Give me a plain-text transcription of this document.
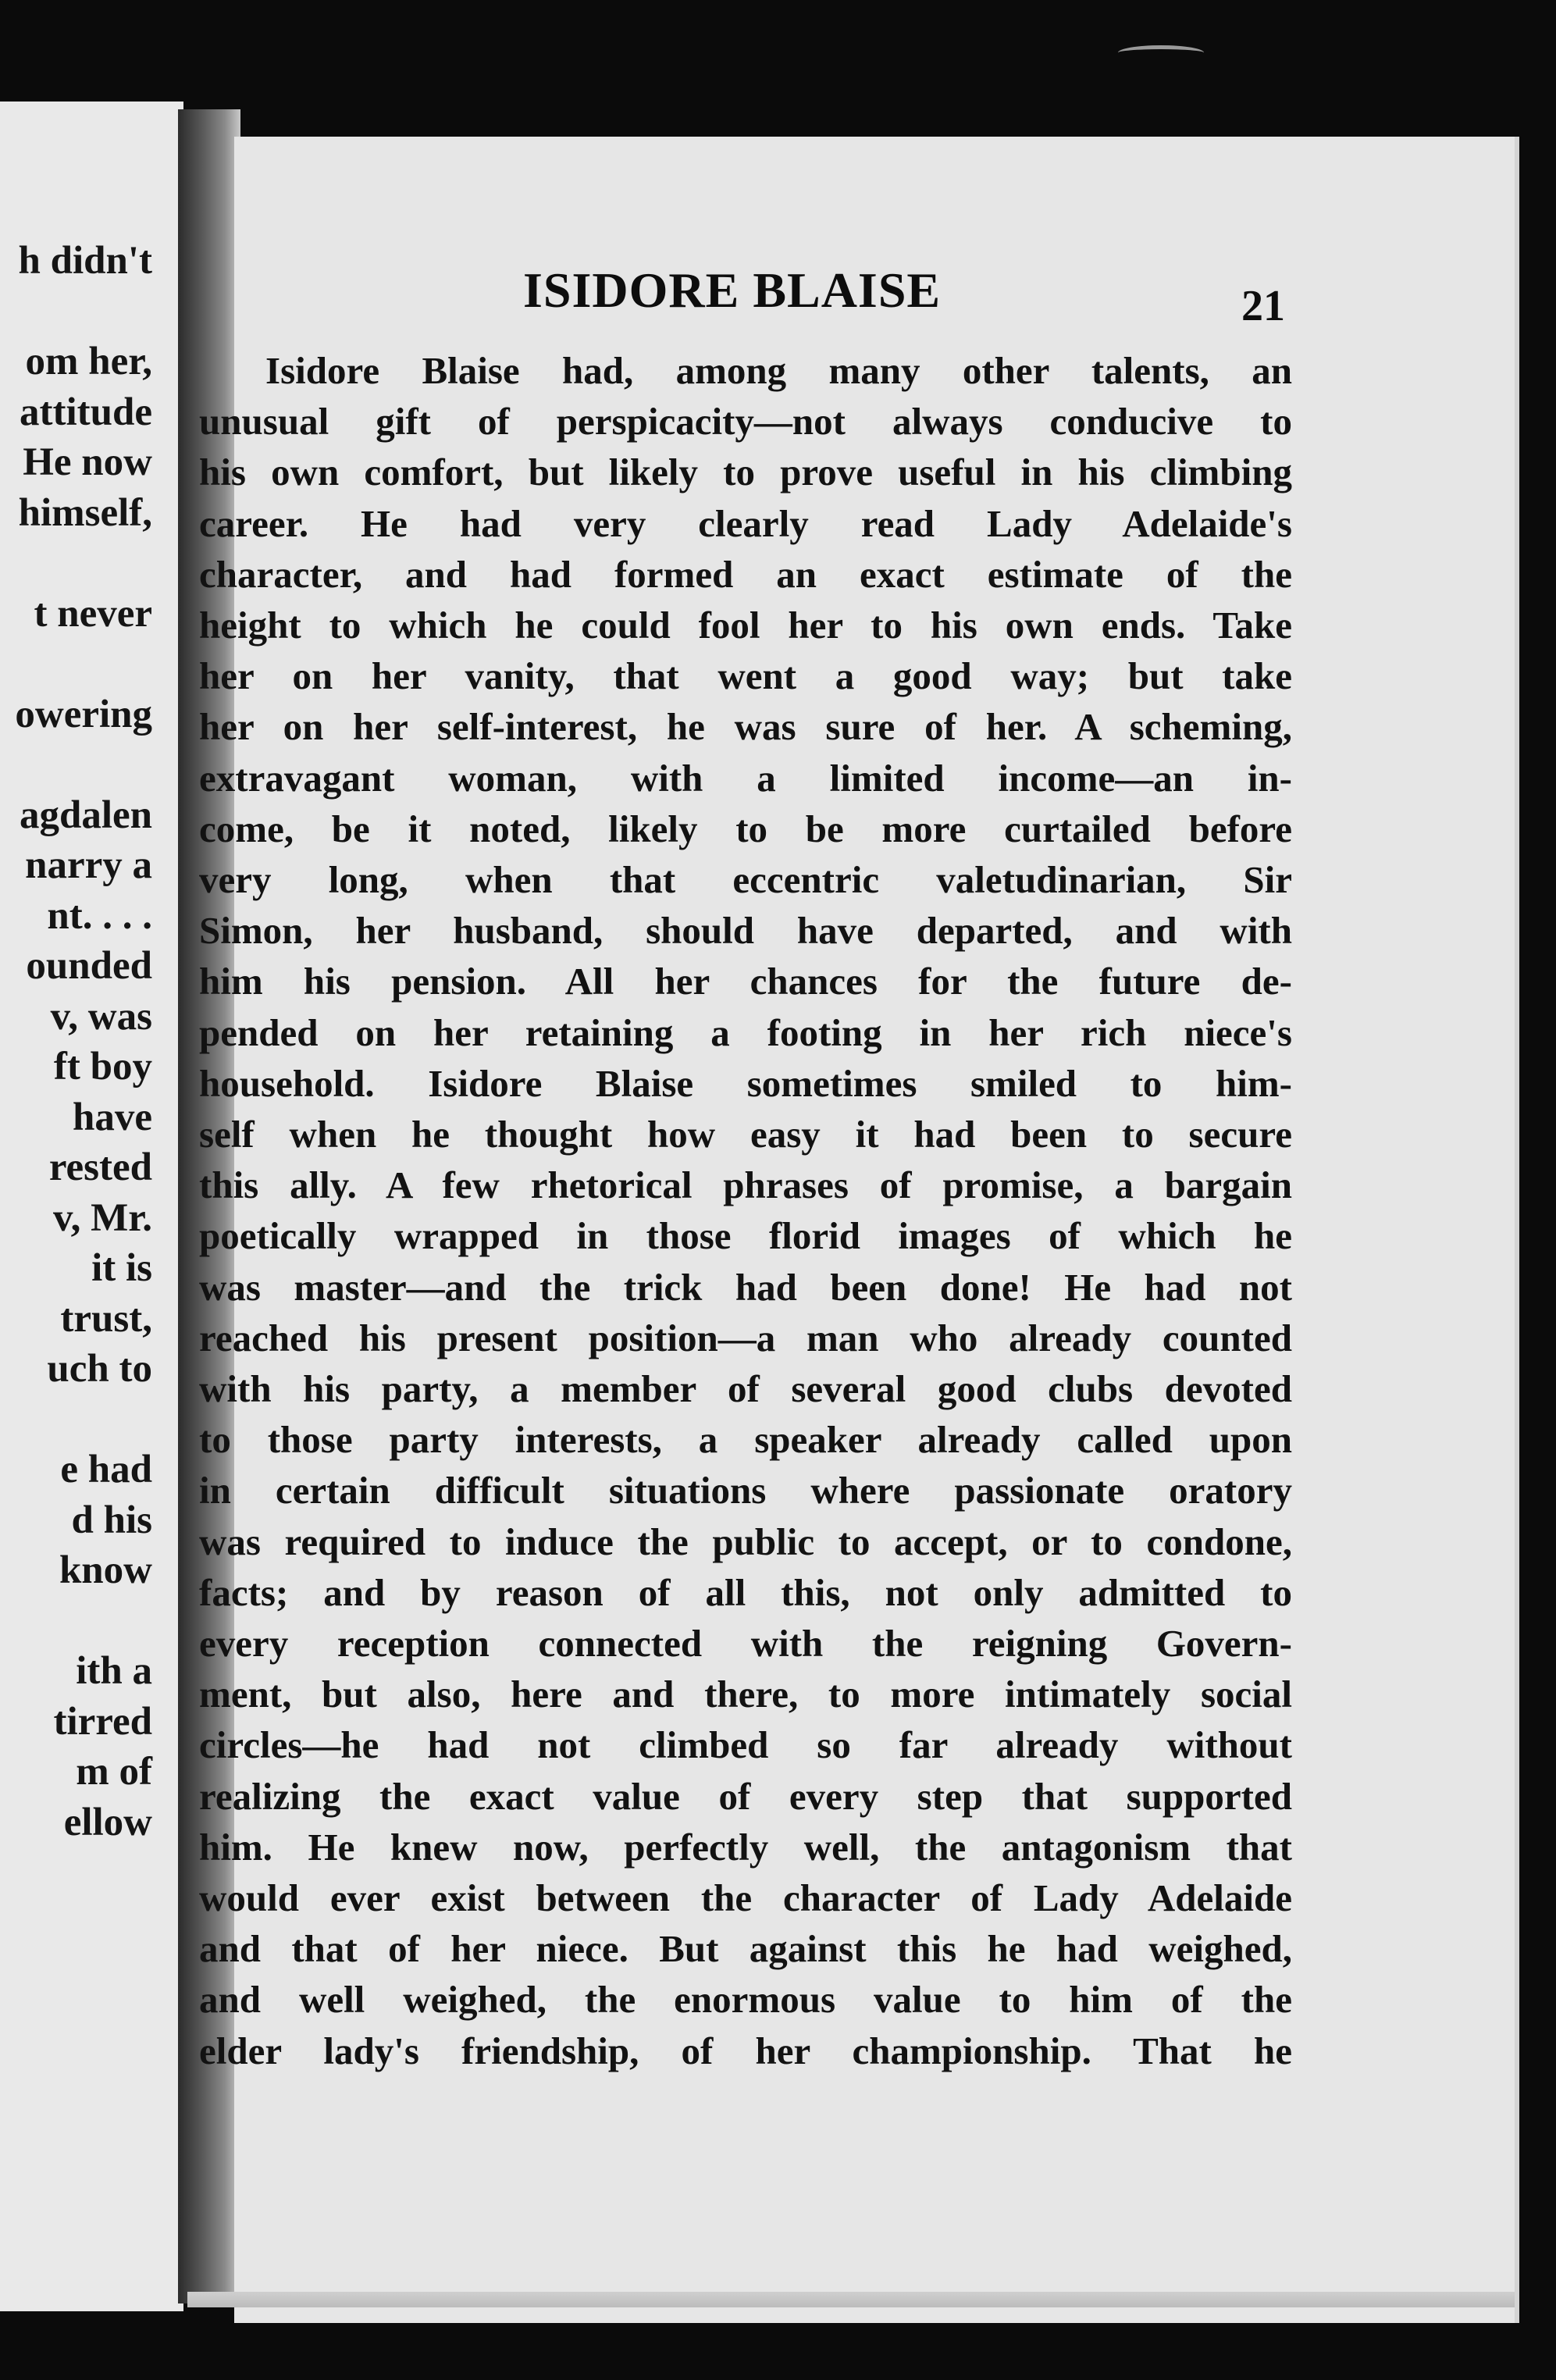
h didn't
om her,
attitude
He now
himself,
t never
owering
agdalen
narry a
nt. . . .
ounded
v, was
ft boy
have
rested
v, Mr.
it is
trust,
uch to
e had
d his
know
ith a
tirred
m of
ellow
ISIDORE BLAISE	21
Isidore Blaise had, among many other talents, an
unusual gift of perspicacity—not always conducive to
his own comfort, but likely to prove useful in his climbing
career. He had very clearly read Lady Adelaide's
character, and had formed an exact estimate of the
height to which he could fool her to his own ends. Take
her on her vanity, that went a good way; but take
her on her self-interest, he was sure of her. A scheming,
extravagant woman, with a limited income—an in-
come, be it noted, likely to be more curtailed before
very long, when that eccentric valetudinarian, Sir
Simon, her husband, should have departed, and with
him his pension. All her chances for the future de-
pended on her retaining a footing in her rich niece's
household. Isidore Blaise sometimes smiled to him-
self when he thought how easy it had been to secure
this ally. A few rhetorical phrases of promise, a bargain
poetically wrapped in those florid images of which he
was master—and the trick had been done! He had not
reached his present position—a man who already counted
with his party, a member of several good clubs devoted
to those party interests, a speaker already called upon
in certain difficult situations where passionate oratory
was required to induce the public to accept, or to condone,
facts; and by reason of all this, not only admitted to
every reception connected with the reigning Govern-
ment, but also, here and there, to more intimately social
circles—he had not climbed so far already without
realizing the exact value of every step that supported
him. He knew now, perfectly well, the antagonism that
would ever exist between the character of Lady Adelaide
and that of her niece. But against this he had weighed,
and well weighed, the enormous value to him of the
elder lady's friendship, of her championship. That he
